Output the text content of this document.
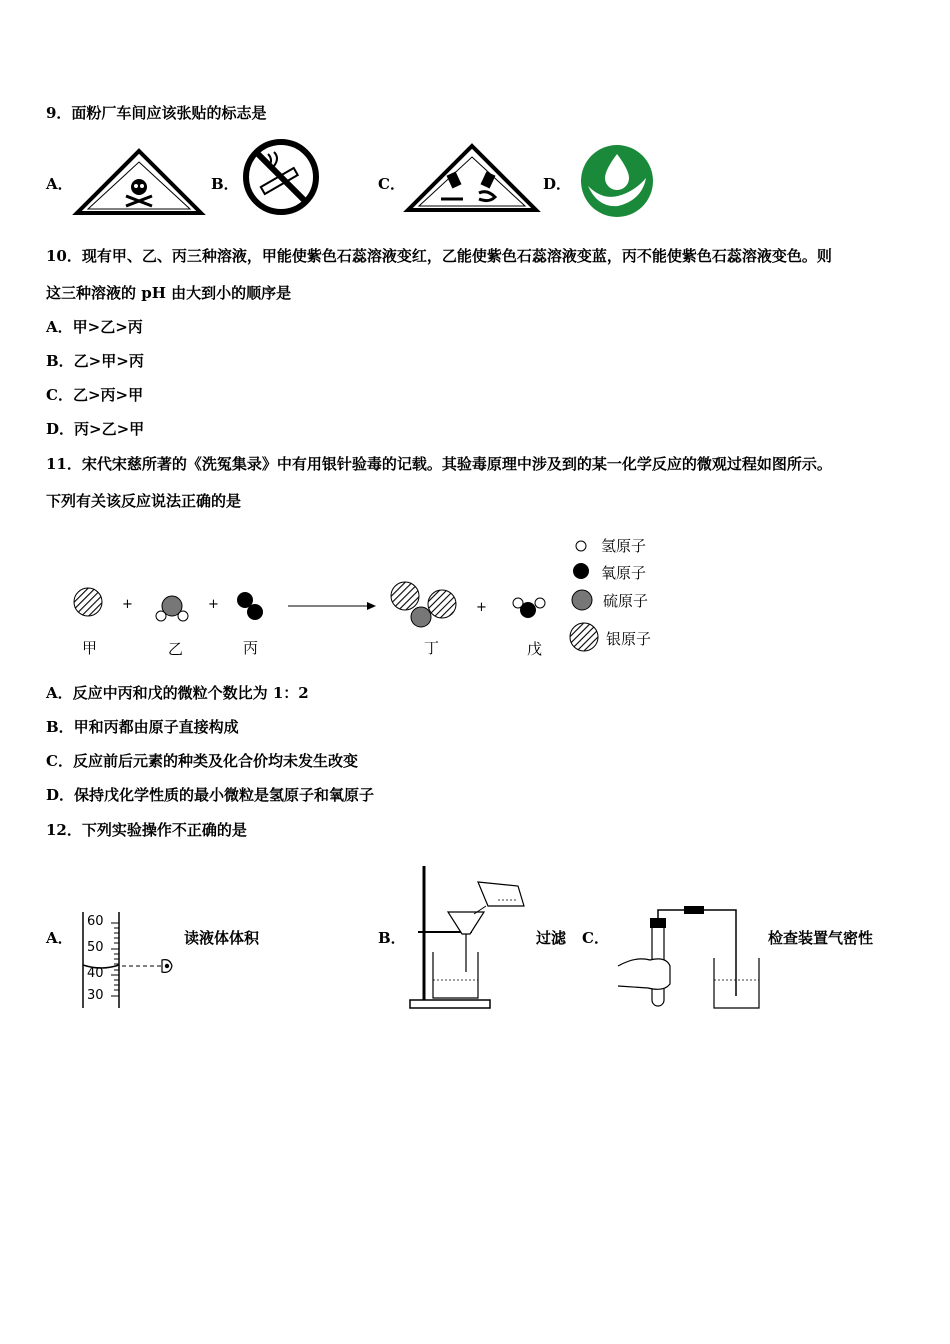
9．面粉厂车间应该张贴的标志是
A．	B．	C．	D．
10．现有甲、乙、丙三种溶液，甲能使紫色石蕊溶液变红，乙能使紫色石蕊溶液变蓝，丙不能使紫色石蕊溶液变色。则
这三种溶液的 pH 由大到小的顺序是
A．甲>乙>丙
B．乙>甲>丙
C．乙>丙>甲
D．丙>乙>甲
11．宋代宋慈所著的《洗冤集录》中有用银针验毒的记载。其验毒原理中涉及到的某一化学反应的微观过程如图所示。
下列有关该反应说法正确的是
+	+	+
甲	乙	丙	丁	戊
氢原子
氧原子
硫原子
银原子
A．反应中丙和戊的微粒个数比为 1：2
B．甲和丙都由原子直接构成
C．反应前后元素的种类及化合价均未发生改变
D．保持戊化学性质的最小微粒是氢原子和氧原子
12．下列实验操作不正确的是
A．
60
50
40
30
读液体体积	B．	过滤 C．	检查装置气密性
